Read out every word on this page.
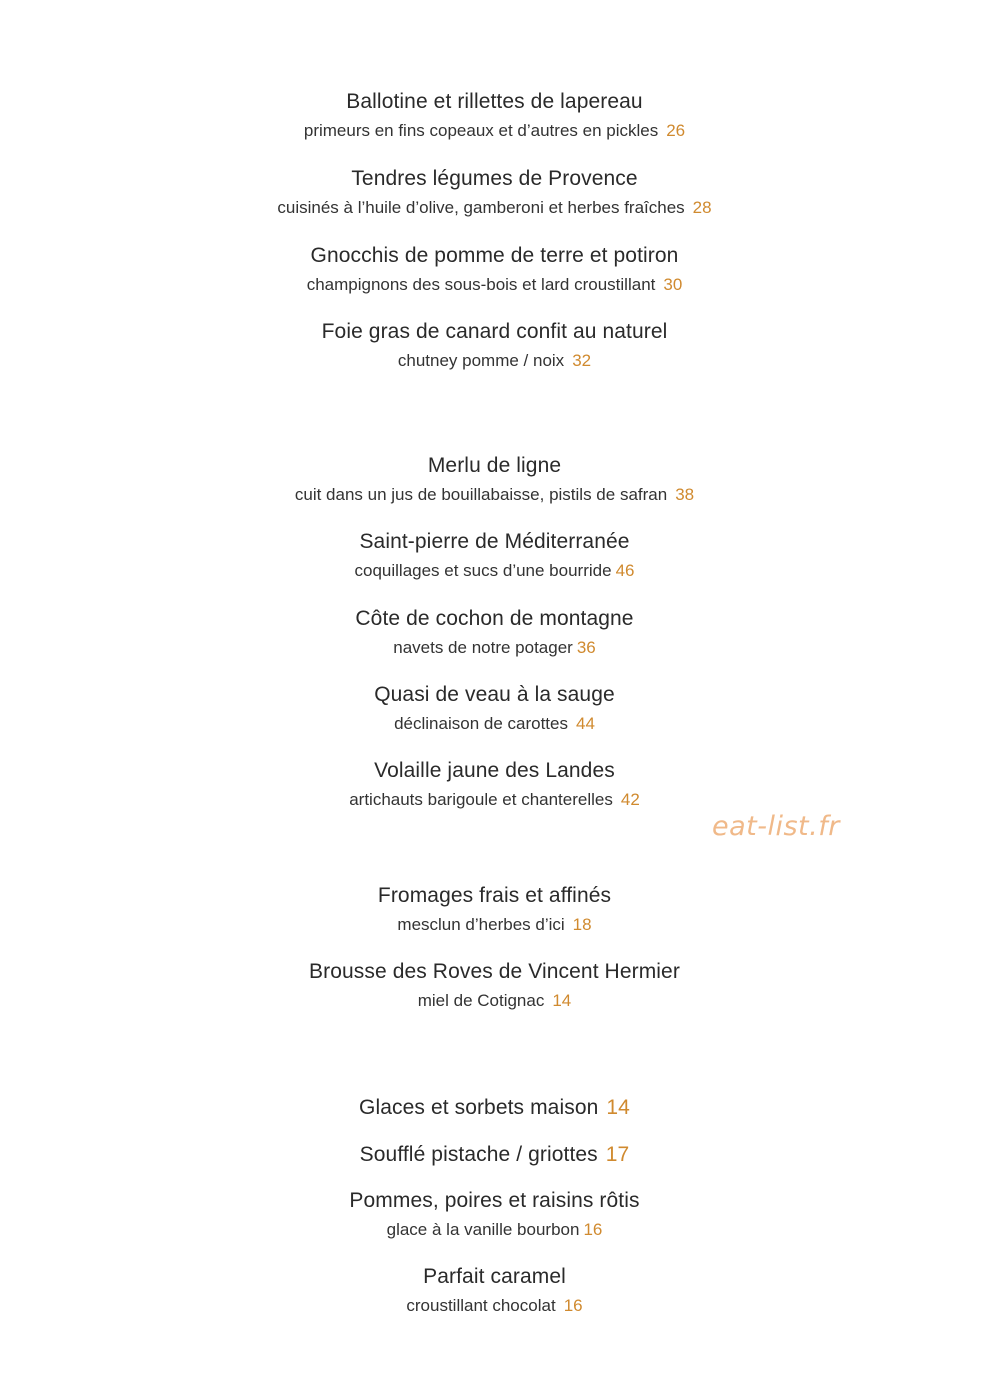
Ballotine et rillettes de lapereau
primeurs en fins copeaux et d’autres en pickles 26
Tendres légumes de Provence
cuisinés à l’huile d’olive, gamberoni et herbes fraîches 28
Gnocchis de pomme de terre et potiron
champignons des sous-bois et lard croustillant 30
Foie gras de canard confit au naturel
chutney pomme / noix 32
Merlu de ligne
cuit dans un jus de bouillabaisse, pistils de safran 38
Saint-pierre de Méditerranée
coquillages et sucs d’une bourride 46
Côte de cochon de montagne
navets de notre potager 36
Quasi de veau à la sauge
déclinaison de carottes 44
Volaille jaune des Landes
artichauts barigoule et chanterelles 42
Fromages frais et affinés
mesclun d’herbes d’ici 18
Brousse des Roves de Vincent Hermier
miel de Cotignac 14
Glaces et sorbets maison 14
Soufflé pistache / griottes 17
Pommes, poires et raisins rôtis
glace à la vanille bourbon 16
Parfait caramel
croustillant chocolat 16
eat-list.fr
